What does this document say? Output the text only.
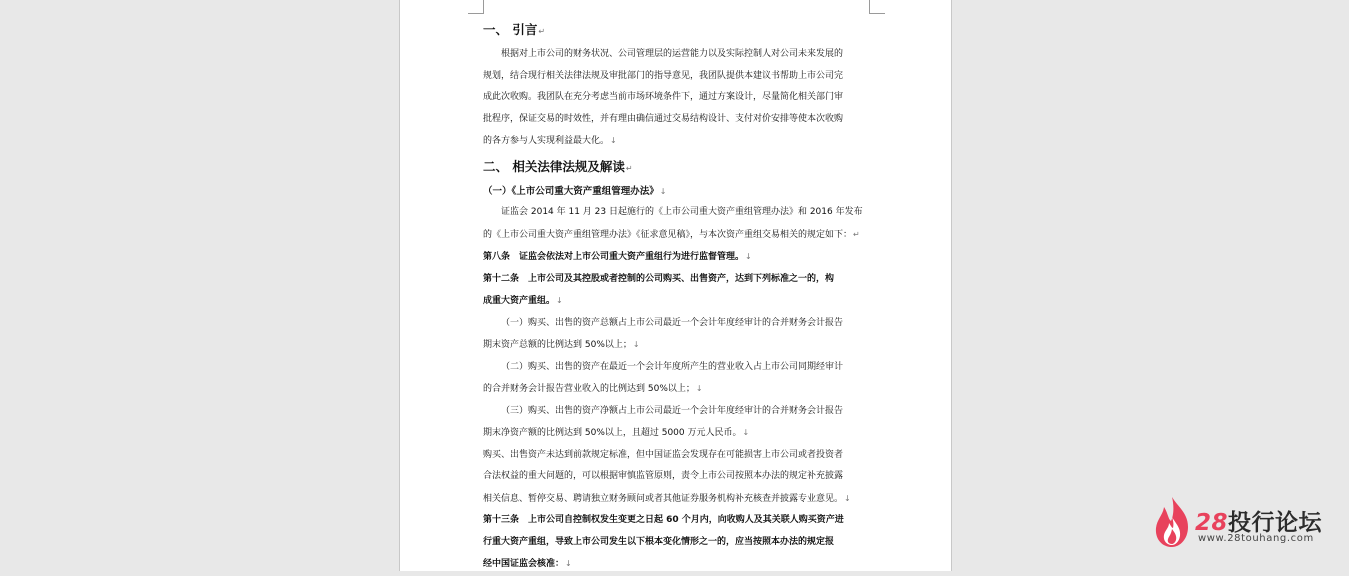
一、 引言↵
根据对上市公司的财务状况、公司管理层的运营能力以及实际控制人对公司未来发展的
规划，结合现行相关法律法规及审批部门的指导意见，我团队提供本建议书帮助上市公司完
成此次收购。我团队在充分考虑当前市场环境条件下，通过方案设计，尽量简化相关部门审
批程序，保证交易的时效性，并有理由确信通过交易结构设计、支付对价安排等使本次收购
的各方参与人实现利益最大化。↓
二、 相关法律法规及解读↵
（一）《上市公司重大资产重组管理办法》↓
证监会 2014 年 11 月 23 日起施行的《上市公司重大资产重组管理办法》和 2016 年发布
的《上市公司重大资产重组管理办法》《征求意见稿》，与本次资产重组交易相关的规定如下：↵
第八条　证监会依法对上市公司重大资产重组行为进行监督管理。↓
第十二条　上市公司及其控股或者控制的公司购买、出售资产，达到下列标准之一的，构
成重大资产重组。↓
（一）购买、出售的资产总额占上市公司最近一个会计年度经审计的合并财务会计报告
期末资产总额的比例达到 50%以上；↓
（二）购买、出售的资产在最近一个会计年度所产生的营业收入占上市公司同期经审计
的合并财务会计报告营业收入的比例达到 50%以上；↓
（三）购买、出售的资产净额占上市公司最近一个会计年度经审计的合并财务会计报告
期末净资产额的比例达到 50%以上，且超过 5000 万元人民币。↓
购买、出售资产未达到前款规定标准，但中国证监会发现存在可能损害上市公司或者投资者
合法权益的重大问题的，可以根据审慎监管原则，责令上市公司按照本办法的规定补充披露
相关信息、暂停交易、聘请独立财务顾问或者其他证券服务机构补充核查并披露专业意见。↓
第十三条　上市公司自控制权发生变更之日起 60 个月内，向收购人及其关联人购买资产进
行重大资产重组，导致上市公司发生以下根本变化情形之一的，应当按照本办法的规定报
经中国证监会核准：↓
28投行论坛
www.28touhang.com
